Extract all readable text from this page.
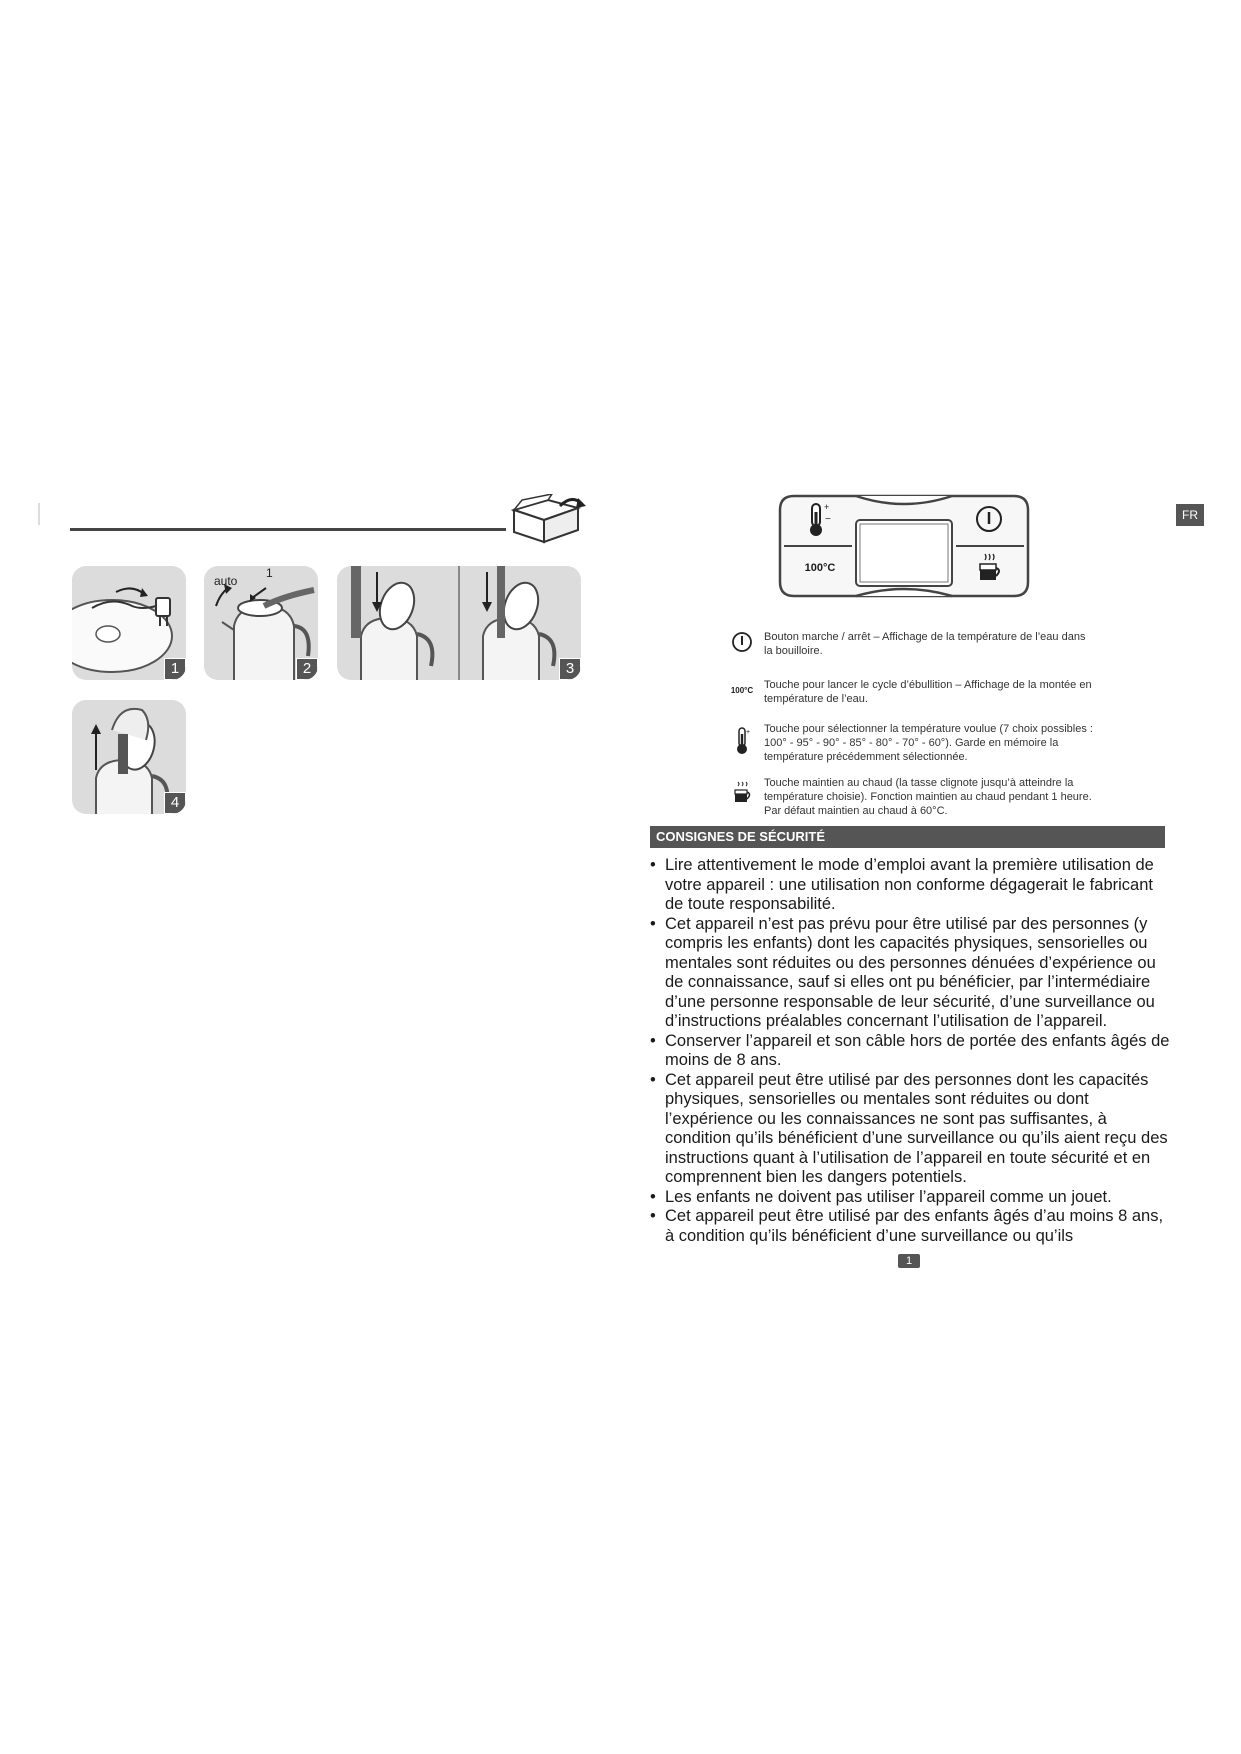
1
auto
1
2	3
4
FR
+
−
100°C
Bouton marche / arrêt – Affichage de la température de l’eau dans la bouilloire.
100°C Touche pour lancer le cycle d’ébullition – Affichage de la montée en température de l’eau.
+ Touche pour sélectionner la température voulue (7 choix possibles : 100° - 95° - 90° - 85° - 80° - 70° - 60°). Garde en mémoire la température précédemment sélectionnée.
Touche maintien au chaud (la tasse clignote jusqu’à atteindre la température choisie). Fonction maintien au chaud pendant 1 heure. Par défaut maintien au chaud à 60°C.
CONSIGNES DE SÉCURITÉ
• Lire attentivement le mode d’emploi avant la première utilisation de votre appareil : une utilisation non conforme dégagerait le fabricant de toute responsabilité.
• Cet appareil n’est pas prévu pour être utilisé par des personnes (y compris les enfants) dont les capacités physiques, sensorielles ou mentales sont réduites ou des personnes dénuées d’expérience ou de connaissance, sauf si elles ont pu bénéficier, par l’intermédiaire d’une personne responsable de leur sécurité, d’une surveillance ou d’instructions préalables concernant l’utilisation de l’appareil.
• Conserver l’appareil et son câble hors de portée des enfants âgés de moins de 8 ans.
• Cet appareil peut être utilisé par des personnes dont les capacités physiques, sensorielles ou mentales sont réduites ou dont l’expérience ou les connaissances ne sont pas suffisantes, à condition qu’ils bénéficient d’une surveillance ou qu’ils aient reçu des instructions quant à l’utilisation de l’appareil en toute sécurité et en comprennent bien les dangers potentiels.
• Les enfants ne doivent pas utiliser l’appareil comme un jouet.
• Cet appareil peut être utilisé par des enfants âgés d’au moins 8 ans, à condition qu’ils bénéficient d’une surveillance ou qu’ils
1
